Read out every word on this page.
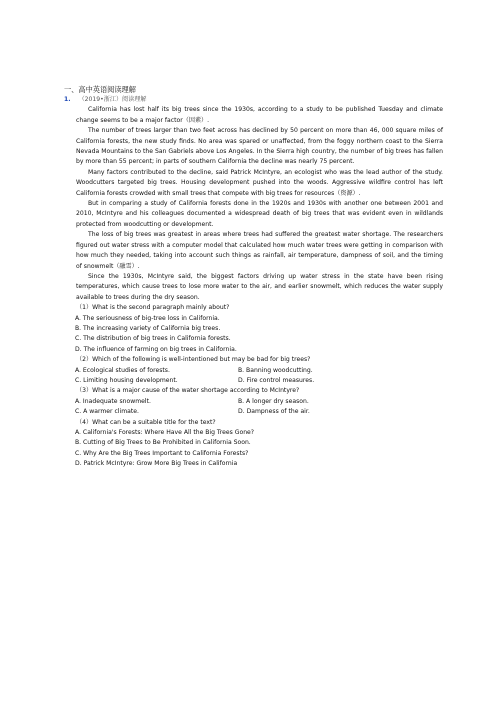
一、高中英语阅读理解
1. （2019•浙江）阅读理解

California has lost half its big trees since the 1930s, according to a study to be published Tuesday and climate change seems to be a major factor（因素）.

The number of trees larger than two feet across has declined by 50 percent on more than 46, 000 square miles of California forests, the new study finds. No area was spared or unaffected, from the foggy northern coast to the Sierra Nevada Mountains to the San Gabriels above Los Angeles. In the Sierra high country, the number of big trees has fallen by more than 55 percent; in parts of southern California the decline was nearly 75 percent.

Many factors contributed to the decline, said Patrick McIntyre, an ecologist who was the lead author of the study. Woodcutters targeted big trees. Housing development pushed into the woods. Aggressive wildfire control has left California forests crowded with small trees that compete with big trees for resources（资源）.

But in comparing a study of California forests done in the 1920s and 1930s with another one between 2001 and 2010, McIntyre and his colleagues documented a widespread death of big trees that was evident even in wildlands protected from woodcutting or development.

The loss of big trees was greatest in areas where trees had suffered the greatest water shortage. The researchers figured out water stress with a computer model that calculated how much water trees were getting in comparison with how much they needed, taking into account such things as rainfall, air temperature, dampness of soil, and the timing of snowmelt（融雪）.

Since the 1930s, McIntyre said, the biggest factors driving up water stress in the state have been rising temperatures, which cause trees to lose more water to the air, and earlier snowmelt, which reduces the water supply available to trees during the dry season.

（1）What is the second paragraph mainly about?
A. The seriousness of big-tree loss in California.
B. The increasing variety of California big trees.
C. The distribution of big trees in California forests.
D. The influence of farming on big trees in California.
（2）Which of the following is well-intentioned but may be bad for big trees?
A. Ecological studies of forests.	B. Banning woodcutting.
C. Limiting housing development.	D. Fire control measures.
（3）What is a major cause of the water shortage according to McIntyre?
A. Inadequate snowmelt.	B. A longer dry season.
C. A warmer climate.	D. Dampness of the air.
（4）What can be a suitable title for the text?
A. California's Forests: Where Have All the Big Trees Gone?
B. Cutting of Big Trees to Be Prohibited in California Soon.
C. Why Are the Big Trees Important to California Forests?
D. Patrick McIntyre: Grow More Big Trees in California
